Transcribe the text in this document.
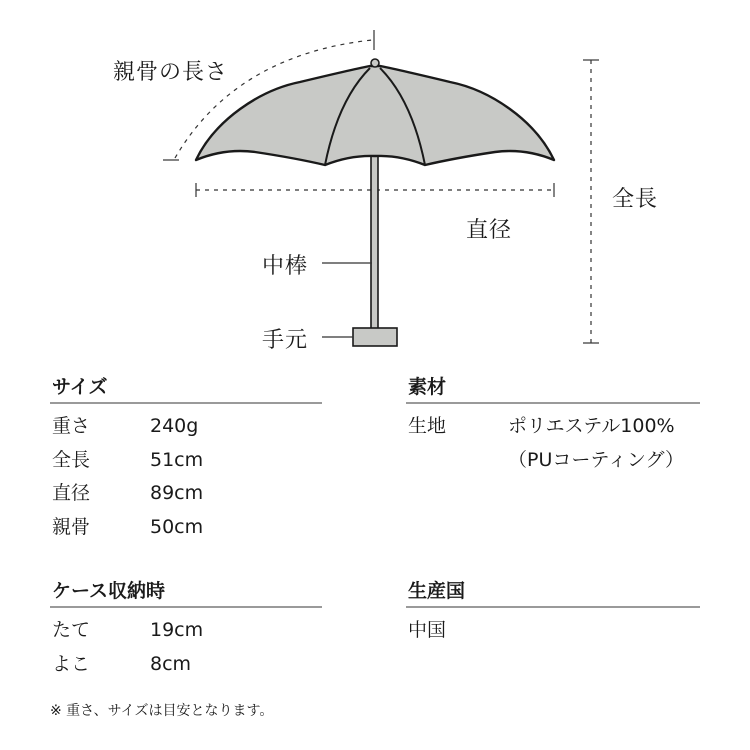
親骨の長さ
全長
直径
中棒
手元
サイズ
重さ	240g
全長	51cm
直径	89cm
親骨	50cm
ケース収納時
たて	19cm
よこ	8cm
素材
生地	ポリエステル100%
（PUコーティング）
生産国
中国
※ 重さ、サイズは目安となります。
